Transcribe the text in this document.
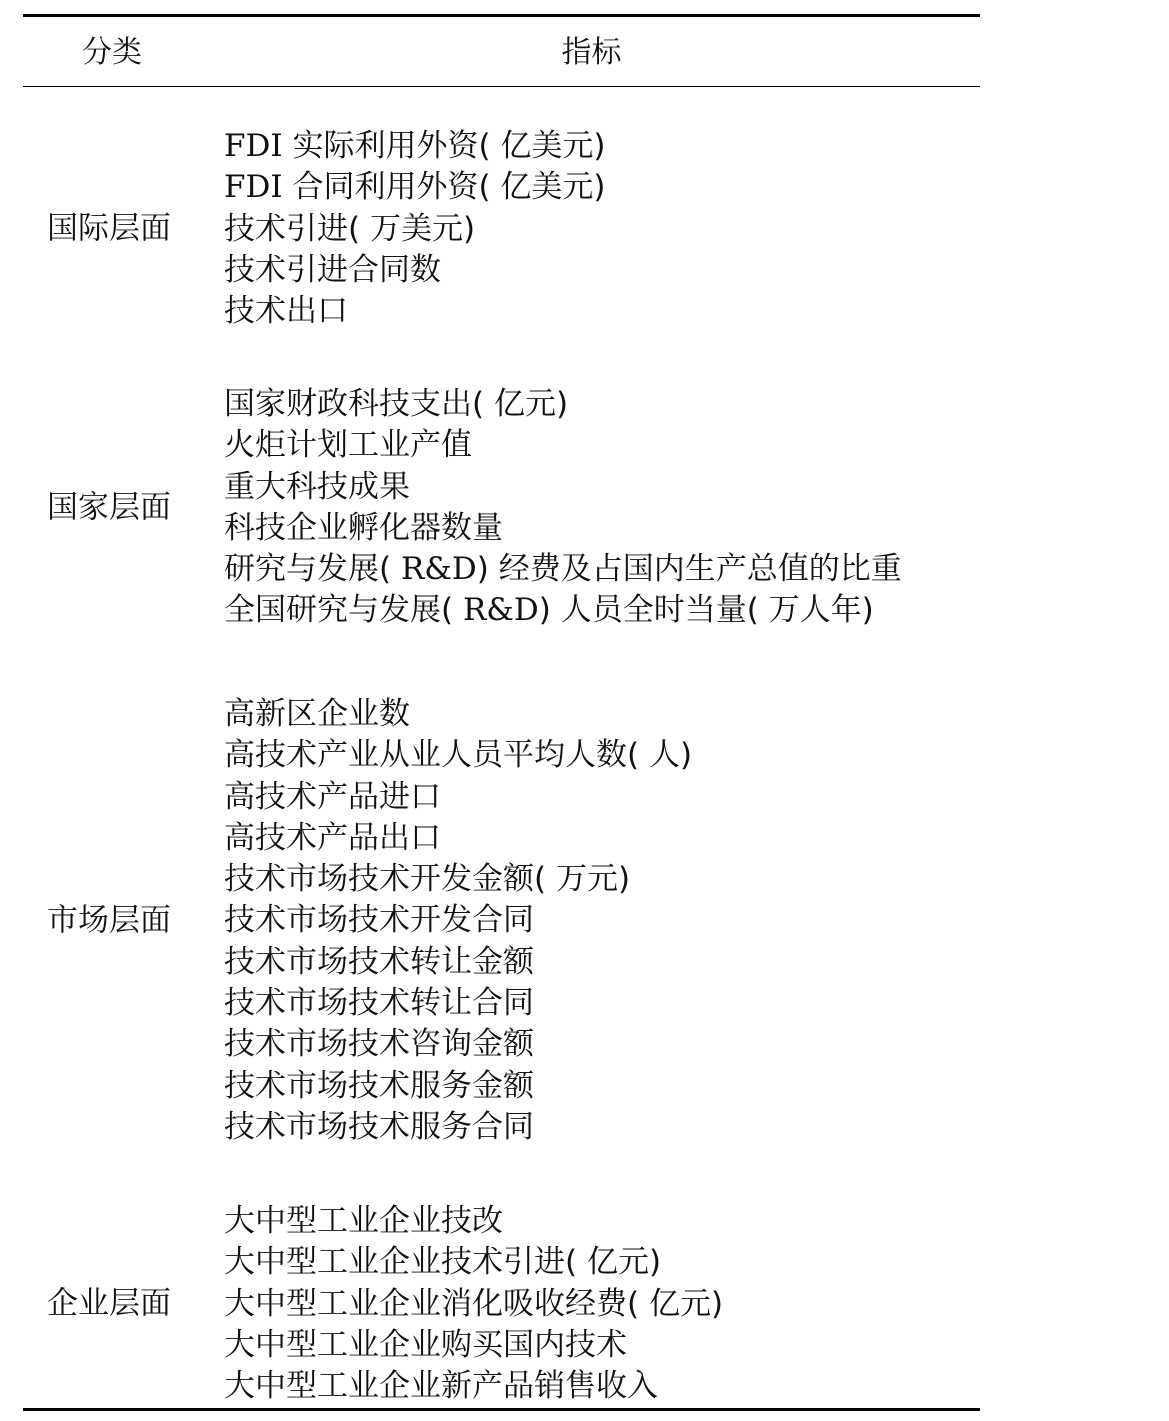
分类	指标
国际层面
FDI 实际利用外资( 亿美元)
FDI 合同利用外资( 亿美元)
技术引进( 万美元)
技术引进合同数
技术出口
国家层面
国家财政科技支出( 亿元)
火炬计划工业产值
重大科技成果
科技企业孵化器数量
研究与发展( R&D) 经费及占国内生产总值的比重
全国研究与发展( R&D) 人员全时当量( 万人年)
市场层面
高新区企业数
高技术产业从业人员平均人数( 人)
高技术产品进口
高技术产品出口
技术市场技术开发金额( 万元)
技术市场技术开发合同
技术市场技术转让金额
技术市场技术转让合同
技术市场技术咨询金额
技术市场技术服务金额
技术市场技术服务合同
企业层面
大中型工业企业技改
大中型工业企业技术引进( 亿元)
大中型工业企业消化吸收经费( 亿元)
大中型工业企业购买国内技术
大中型工业企业新产品销售收入
